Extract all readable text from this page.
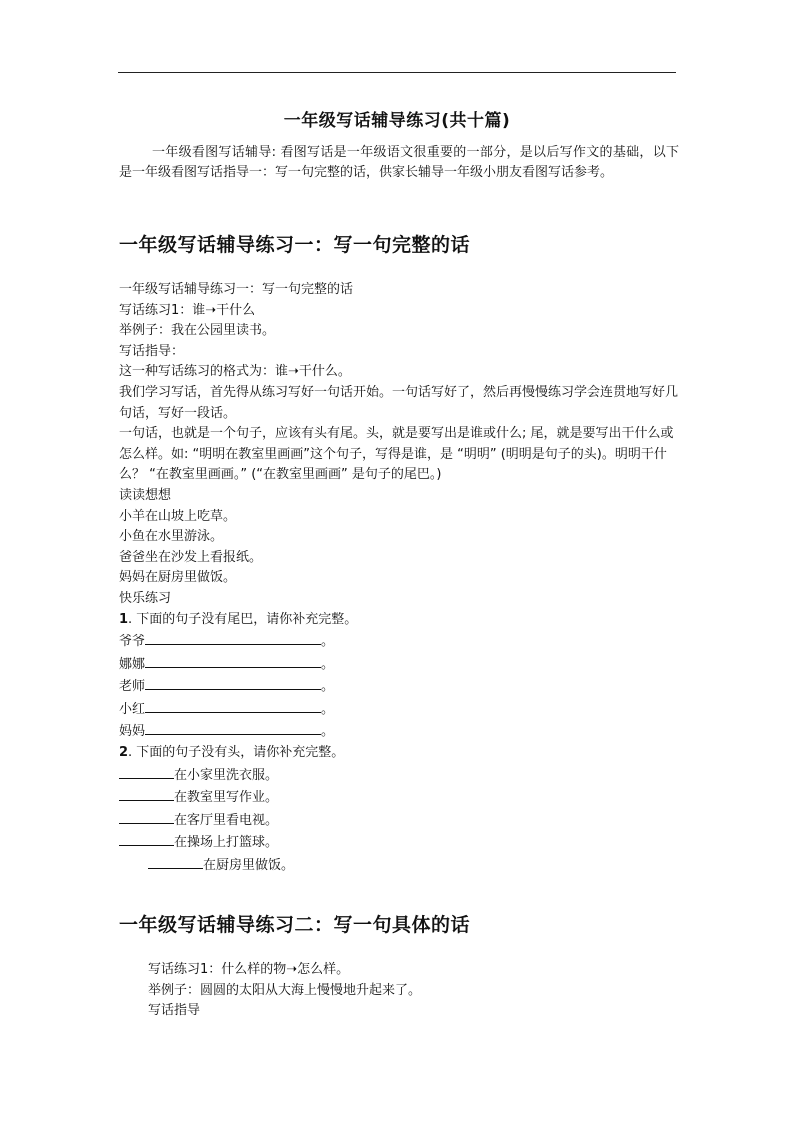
一年级写话辅导练习(共十篇)
一年级看图写话辅导: 看图写话是一年级语文很重要的一部分，是以后写作文的基础，以下是一年级看图写话指导一：写一句完整的话，供家长辅导一年级小朋友看图写话参考。
一年级写话辅导练习一：写一句完整的话

一年级写话辅导练习一：写一句完整的话

写话练习1：谁➝干什么

举例子：我在公园里读书。

写话指导：

这一种写话练习的格式为：谁➝干什么。

我们学习写话，首先得从练习写好一句话开始。一句话写好了，然后再慢慢练习学会连贯地写好几句话，写好一段话。

一句话，也就是一个句子，应该有头有尾。头，就是要写出是谁或什么; 尾，就是要写出干什么或怎么样。如: “明明在教室里画画”这个句子，写得是谁，是 “明明” (明明是句子的头)。明明干什么？ “在教室里画画。” (“在教室里画画” 是句子的尾巴。)

读读想想

小羊在山坡上吃草。

小鱼在水里游泳。

爸爸坐在沙发上看报纸。

妈妈在厨房里做饭。

快乐练习

1. 下面的句子没有尾巴，请你补充完整。

爷爷	。

娜娜	。

老师	。

小红	。

妈妈	。

2. 下面的句子没有头，请你补充完整。

在小家里洗衣服。

在教室里写作业。

在客厅里看电视。

在操场上打篮球。

在厨房里做饭。

一年级写话辅导练习二：写一句具体的话

写话练习1：什么样的物➝怎么样。

举例子：圆圆的太阳从大海上慢慢地升起来了。

写话指导
